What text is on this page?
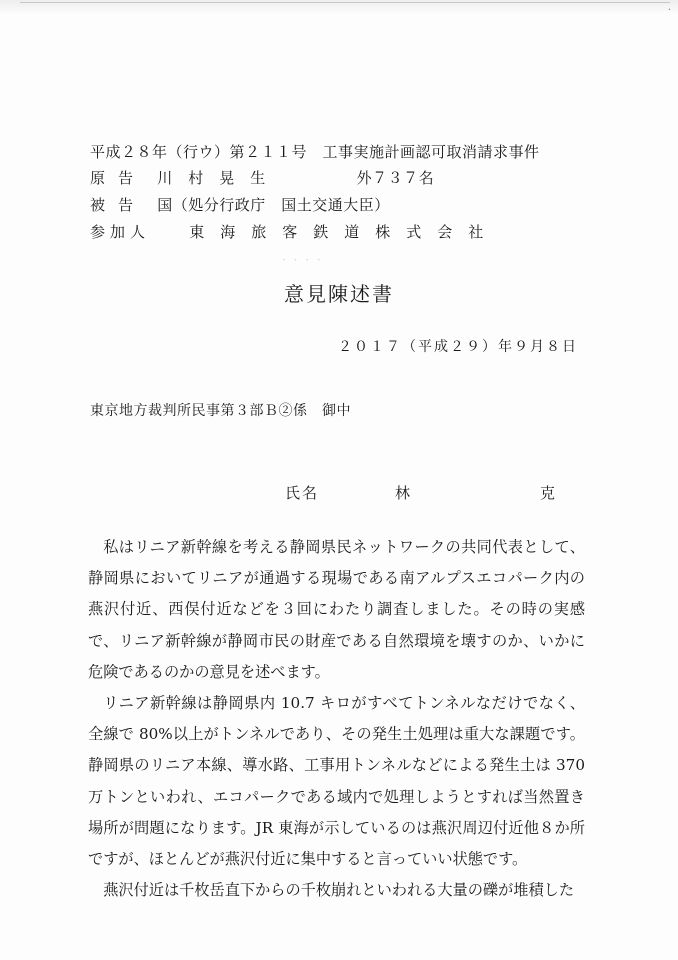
.
平成２８年（行ウ）第２１１号　工事実施計画認可取消請求事件
原告 川　村　晃　生	外７３７名
被告 国（処分行政庁　国土交通大臣）
参加人	東　海　旅　客　鉄　道　株　式　会　社
· · · ·
意見陳述書
２０１７（平成２９）年９月８日
東京地方裁判所民事第３部Ｂ②係　御中
氏名	林	克

私はリニア新幹線を考える静岡県民ネットワークの共同代表として、静岡県においてリニアが通過する現場である南アルプスエコパーク内の燕沢付近、西俣付近などを３回にわたり調査しました。その時の実感で、リニア新幹線が静岡市民の財産である自然環境を壊すのか、いかに危険であるのかの意見を述べます。

リニア新幹線は静岡県内 10.7 キロがすべてトンネルなだけでなく、全線で 80%以上がトンネルであり、その発生土処理は重大な課題です。静岡県のリニア本線、導水路、工事用トンネルなどによる発生土は 370 万トンといわれ、エコパークである域内で処理しようとすれば当然置き場所が問題になります。JR 東海が示しているのは燕沢周辺付近他８か所ですが、ほとんどが燕沢付近に集中すると言っていい状態です。

燕沢付近は千枚岳直下からの千枚崩れといわれる大量の礫が堆積した
